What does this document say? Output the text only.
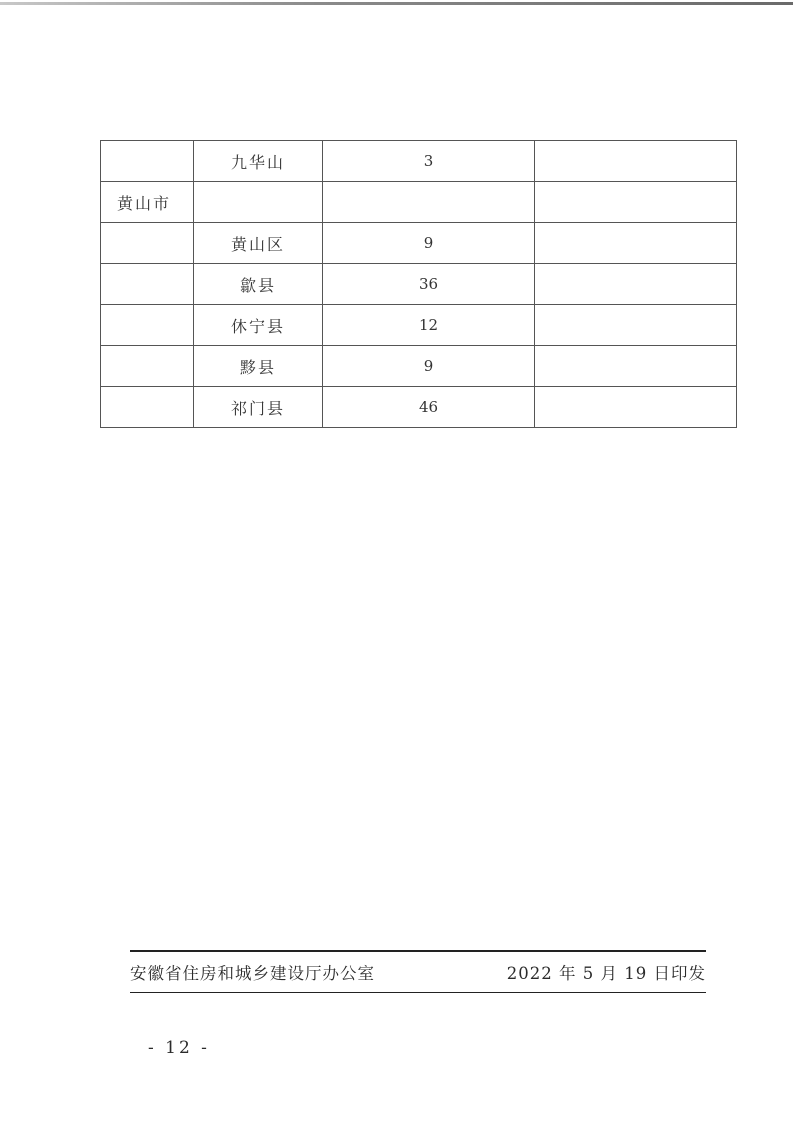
	九华山	3	
黄山市			
	黄山区	9	
	歙县	36	
	休宁县	12	
	黟县	9	
	祁门县	46	
安徽省住房和城乡建设厅办公室	2022 年 5 月 19 日印发
- 12 -
